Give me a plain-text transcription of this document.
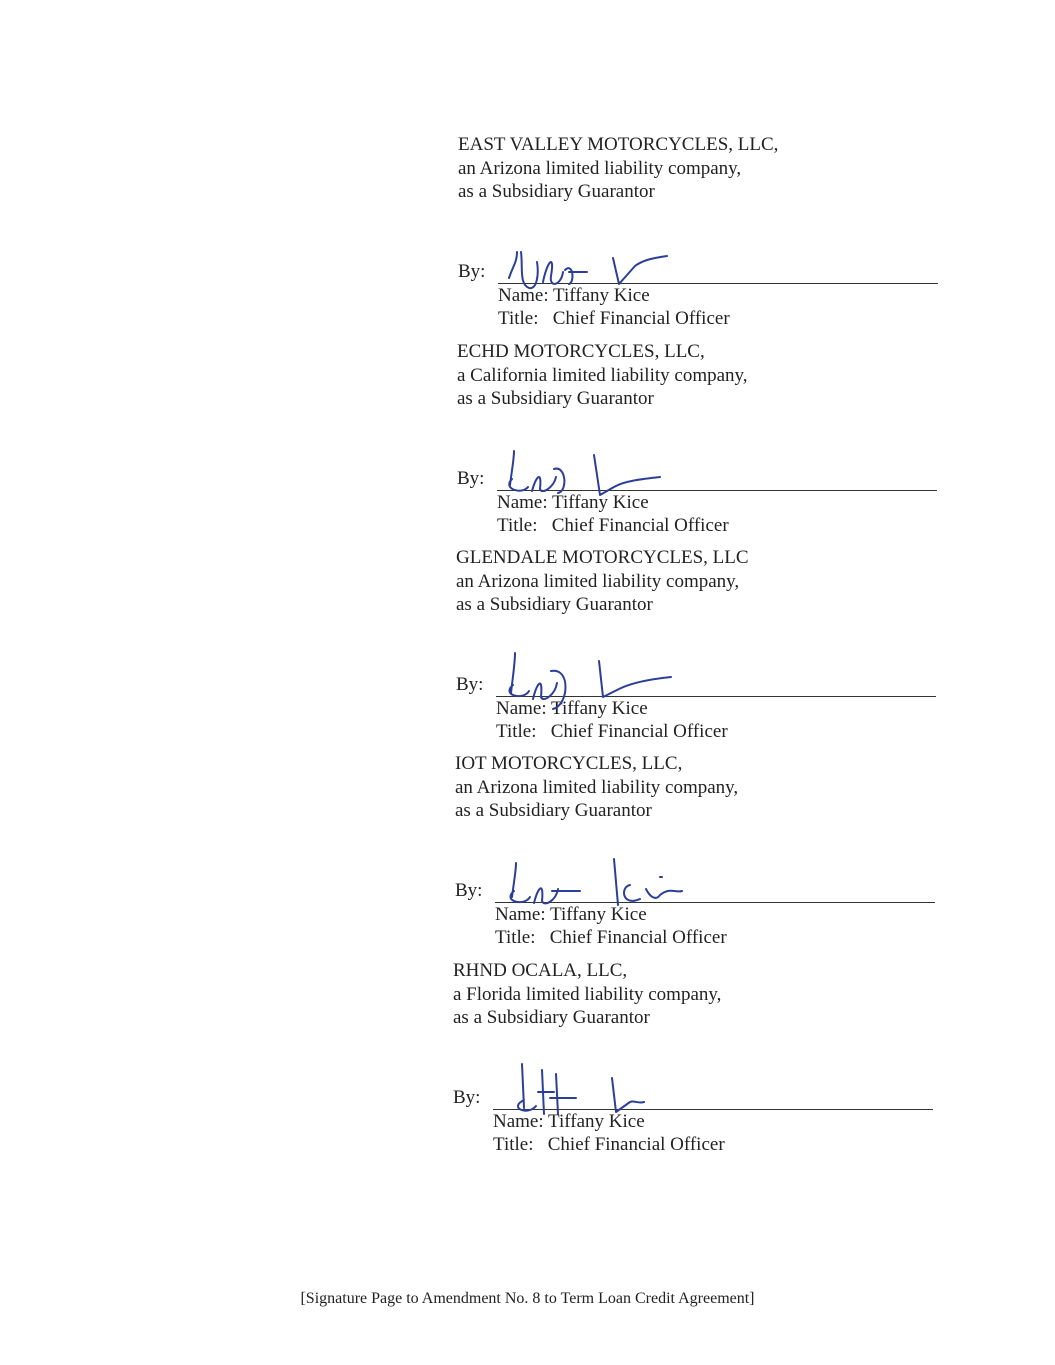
EAST VALLEY MOTORCYCLES, LLC,
an Arizona limited liability company,
as a Subsidiary Guarantor
By:
Name: Tiffany Kice
Title:   Chief Financial Officer
ECHD MOTORCYCLES, LLC,
a California limited liability company,
as a Subsidiary Guarantor
By:
Name: Tiffany Kice
Title:   Chief Financial Officer
GLENDALE MOTORCYCLES, LLC
an Arizona limited liability company,
as a Subsidiary Guarantor
By:
Name: Tiffany Kice
Title:   Chief Financial Officer
IOT MOTORCYCLES, LLC,
an Arizona limited liability company,
as a Subsidiary Guarantor
By:
Name: Tiffany Kice
Title:   Chief Financial Officer
RHND OCALA, LLC,
a Florida limited liability company,
as a Subsidiary Guarantor
By:
Name: Tiffany Kice
Title:   Chief Financial Officer
[Signature Page to Amendment No. 8 to Term Loan Credit Agreement]
